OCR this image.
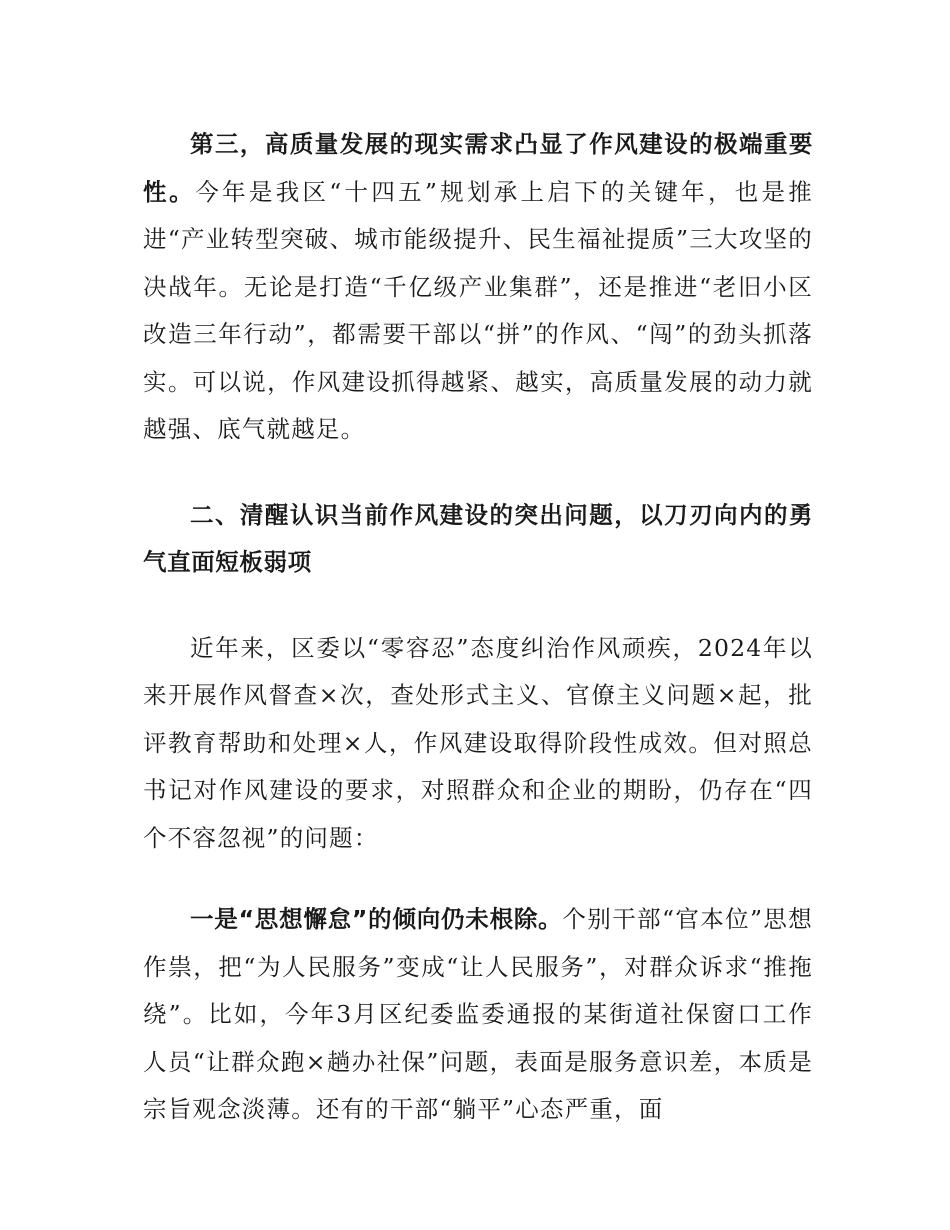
第三，高质量发展的现实需求凸显了作风建设的极端重要性。今年是我区“十四五”规划承上启下的关键年，也是推进“产业转型突破、城市能级提升、民生福祉提质”三大攻坚的决战年。无论是打造“千亿级产业集群”，还是推进“老旧小区改造三年行动”，都需要干部以“拼”的作风、“闯”的劲头抓落实。可以说，作风建设抓得越紧、越实，高质量发展的动力就越强、底气就越足。

二、清醒认识当前作风建设的突出问题，以刀刃向内的勇气直面短板弱项

近年来，区委以“零容忍”态度纠治作风顽疾，2024年以来开展作风督查×次，查处形式主义、官僚主义问题×起，批评教育帮助和处理×人，作风建设取得阶段性成效。但对照总书记对作风建设的要求，对照群众和企业的期盼，仍存在“四个不容忽视”的问题：

一是“思想懈怠”的倾向仍未根除。个别干部“官本位”思想作祟，把“为人民服务”变成“让人民服务”，对群众诉求“推拖绕”。比如，今年3月区纪委监委通报的某街道社保窗口工作人员“让群众跑×趟办社保”问题，表面是服务意识差，本质是宗旨观念淡薄。还有的干部“躺平”心态严重，面
